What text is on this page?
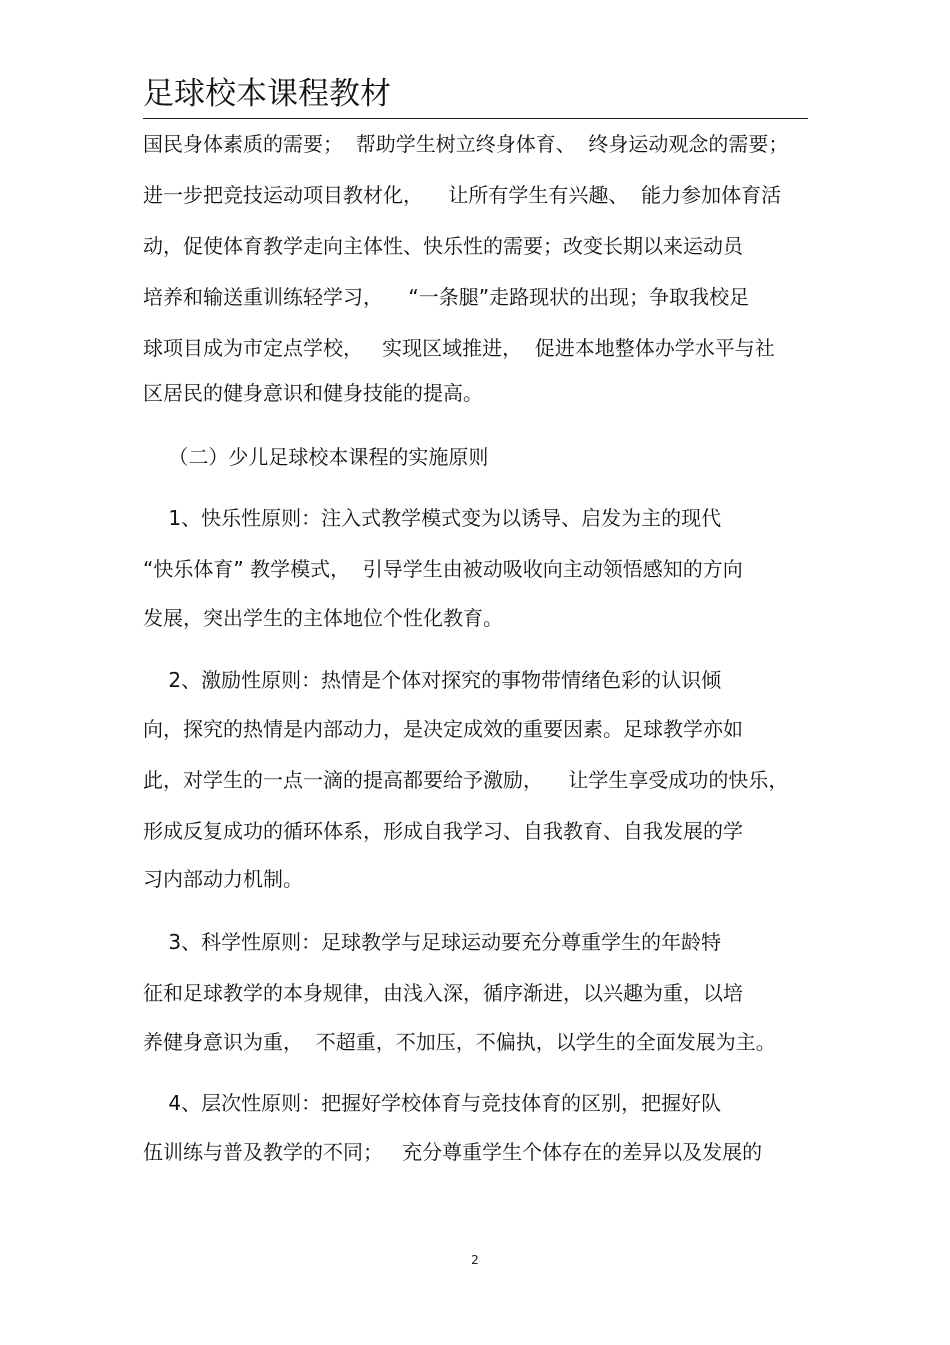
足球校本课程教材
国民身体素质的需要；  帮助学生树立终身体育、  终身运动观念的需要；
进一步把竞技运动项目教材化，    让所有学生有兴趣、  能力参加体育活
动，促使体育教学走向主体性、快乐性的需要；改变长期以来运动员
培养和输送重训练轻学习，    “一条腿”走路现状的出现；争取我校足
球项目成为市定点学校，   实现区域推进，  促进本地整体办学水平与社
区居民的健身意识和健身技能的提高。
（二）少儿足球校本课程的实施原则
1、快乐性原则：注入式教学模式变为以诱导、启发为主的现代
“快乐体育” 教学模式，  引导学生由被动吸收向主动领悟感知的方向
发展，突出学生的主体地位个性化教育。
2、激励性原则：热情是个体对探究的事物带情绪色彩的认识倾
向，探究的热情是内部动力，是决定成效的重要因素。足球教学亦如
此，对学生的一点一滴的提高都要给予激励，    让学生享受成功的快乐，
形成反复成功的循环体系，形成自我学习、自我教育、自我发展的学
习内部动力机制。
3、科学性原则：足球教学与足球运动要充分尊重学生的年龄特
征和足球教学的本身规律，由浅入深，循序渐进，以兴趣为重，以培
养健身意识为重，  不超重，不加压，不偏执，以学生的全面发展为主。
4、层次性原则：把握好学校体育与竞技体育的区别，把握好队
伍训练与普及教学的不同；   充分尊重学生个体存在的差异以及发展的
2
